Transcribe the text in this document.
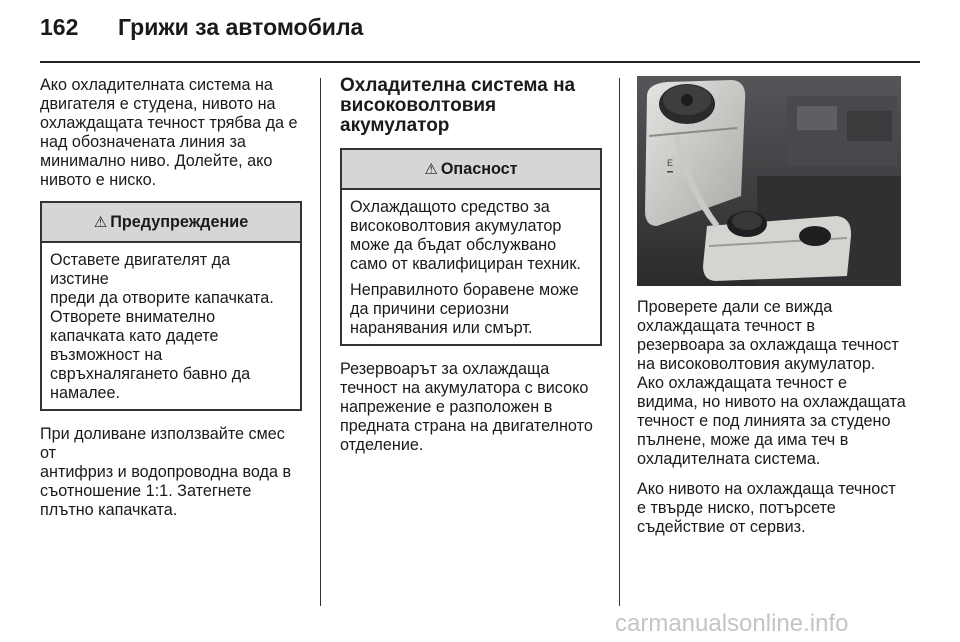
162 Грижи за автомобила

Ако охладителната система на
двигателя е студена, нивото на
охлаждащата течност трябва да е
над обозначената линия за
минимално ниво. Долейте, ако
нивото е ниско.

⚠ Предупреждение
Оставете двигателят да изстине
преди да отворите капачката.
Отворете внимателно
капачката като дадете
възможност на
свръхналягането бавно да
намалее.

При доливане използвайте смес от
антифриз и водопроводна вода в
съотношение 1:1. Затегнете
плътно капачката.

Охладителна система на
високоволтовия акумулатор
⚠ Опасност

Охлаждащото средство за
високоволтовия акумулатор
може да бъдат обслужвано
само от квалифициран техник.

Неправилното боравене може
да причини сериозни
наранявания или смърт.

Резервоарът за охлаждаща
течност на акумулатора с високо
напрежение е разположен в
предната страна на двигателното
отделение.

E

Проверете дали се вижда
охлаждащата течност в
резервоара за охлаждаща течност
на високоволтовия акумулатор.
Ако охлаждащата течност е
видима, но нивото на охлаждащата
течност е под линията за студено
пълнене, може да има теч в
охладителната система.

Ако нивото на охлаждаща течност
е твърде ниско, потърсете
съдействие от сервиз.

carmanualsonline.info
